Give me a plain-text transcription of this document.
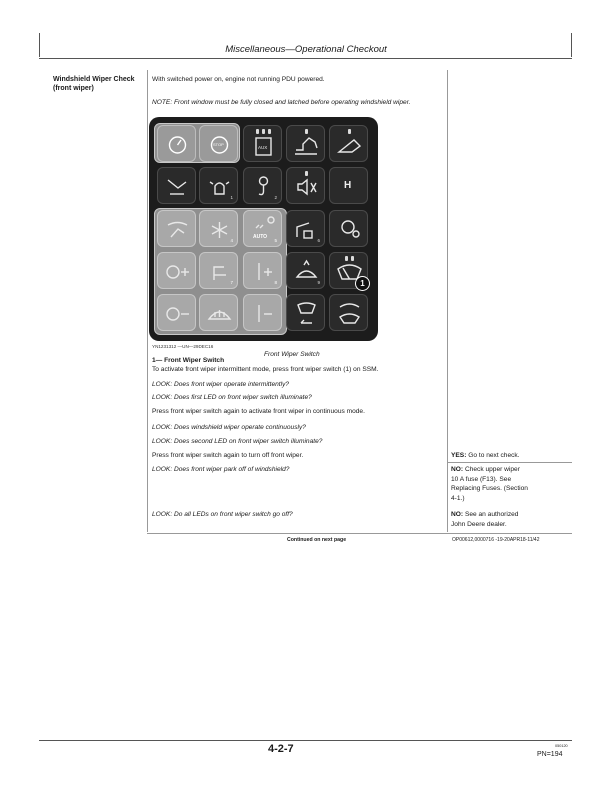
Miscellaneous—Operational Checkout
Windshield Wiper Check
(front wiper)
With switched power on, engine not running PDU powered.
NOTE: Front window must be fully closed and latched before operating windshield wiper.
STOP
AUX
1	2
H
4
AUTO
5	6
7	8	9	1
YN1231312 —UN—29DEC16
Front Wiper Switch
1— Front Wiper Switch
To activate front wiper intermittent mode, press front wiper switch (1) on SSM.
LOOK: Does front wiper operate intermittently?
LOOK: Does first LED on front wiper switch illuminate?
Press front wiper switch again to activate front wiper in continuous mode.
LOOK: Does windshield wiper operate continuously?
LOOK: Does second LED on front wiper switch illuminate?
Press front wiper switch again to turn off front wiper.
LOOK: Does front wiper park off of windshield?
LOOK: Do all LEDs on front wiper switch go off?
YES: Go to next check.
NO: Check upper wiper
10 A fuse (F13). See
Replacing Fuses. (Section
4-1.)
NO: See an authorized
John Deere dealer.
Continued on next page	OP00612,0000716 -19-20APR18-11/42
4-2-7	050120
PN=194
